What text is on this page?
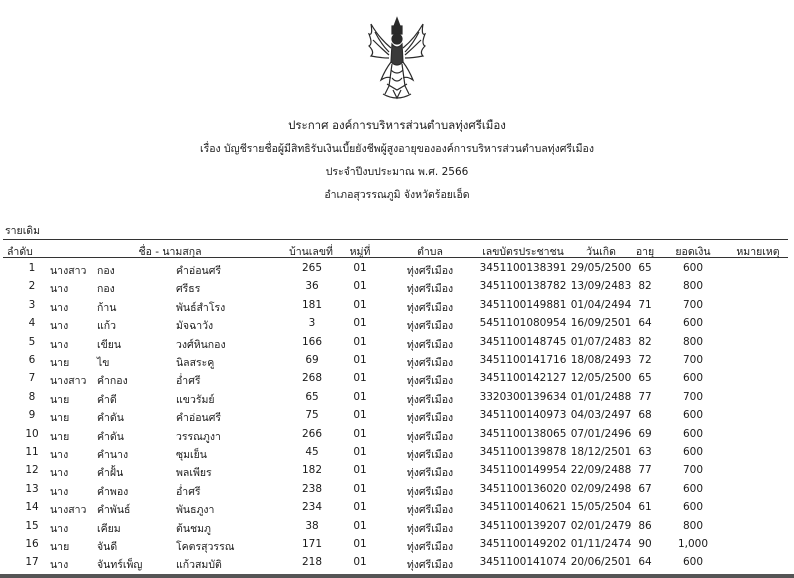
ประกาศ องค์การบริหารส่วนตำบลทุ่งศรีเมือง
เรื่อง บัญชีรายชื่อผู้มีสิทธิรับเงินเบี้ยยังชีพผู้สูงอายุขององค์การบริหารส่วนตำบลทุ่งศรีเมือง
ประจำปีงบประมาณ พ.ศ. 2566
อำเภอสุวรรณภูมิ จังหวัดร้อยเอ็ด
รายเดิม
ลำดับ	ชื่อ - นามสกุล	บ้านเลขที่	หมู่ที่	ตำบล	เลขบัตรประชาชน	วันเกิด	อายุ	ยอดเงิน	หมายเหตุ
1	นางสาว กอง	คำอ่อนศรี	265	01	ทุ่งศรีเมือง	3451100138391 29/05/2500 65	600
2	นาง	กอง	ศรีธร	36	01	ทุ่งศรีเมือง	3451100138782 13/09/2483 82	800
3	นาง	ก้าน	พันธ์สำโรง	181	01	ทุ่งศรีเมือง	3451100149881 01/04/2494 71	700
4	นาง	แก้ว	มัจฉาวัง	3	01	ทุ่งศรีเมือง	5451101080954 16/09/2501 64	600
5	นาง	เขียน	วงศ์หินกอง	166	01	ทุ่งศรีเมือง	3451100148745 01/07/2483 82	800
6	นาย	ไข	นิลสระคู	69	01	ทุ่งศรีเมือง	3451100141716 18/08/2493 72	700
7	นางสาว คำกอง	อ่ำศรี	268	01	ทุ่งศรีเมือง	3451100142127 12/05/2500 65	600
8	นาย	คำดี	แขวรัมย์	65	01	ทุ่งศรีเมือง	3320300139634 01/01/2488 77	700
9	นาย	คำดัน	คำอ่อนศรี	75	01	ทุ่งศรีเมือง	3451100140973 04/03/2497 68	600
10	นาย	คำดัน	วรรณภูงา	266	01	ทุ่งศรีเมือง	3451100138065 07/01/2496 69	600
11	นาง	คำนาง	ซุมเย็น	45	01	ทุ่งศรีเมือง	3451100139878 18/12/2501 63	600
12	นาง	คำฝั้น	พลเพียร	182	01	ทุ่งศรีเมือง	3451100149954 22/09/2488 77	700
13	นาง	คำพอง	อ่ำศรี	238	01	ทุ่งศรีเมือง	3451100136020 02/09/2498 67	600
14	นางสาว คำพันธ์	พันธภูงา	234	01	ทุ่งศรีเมือง	3451100140621 15/05/2504 61	600
15	นาง	เคียม	ต้นชมภู	38	01	ทุ่งศรีเมือง	3451100139207 02/01/2479 86	800
16	นาย	จันดี	โคตรสุวรรณ	171	01	ทุ่งศรีเมือง	3451100149202 01/11/2474 90	1,000
17	นาง	จันทร์เพ็ญ	แก้วสมบัติ	218	01	ทุ่งศรีเมือง	3451100141074 20/06/2501 64	600
